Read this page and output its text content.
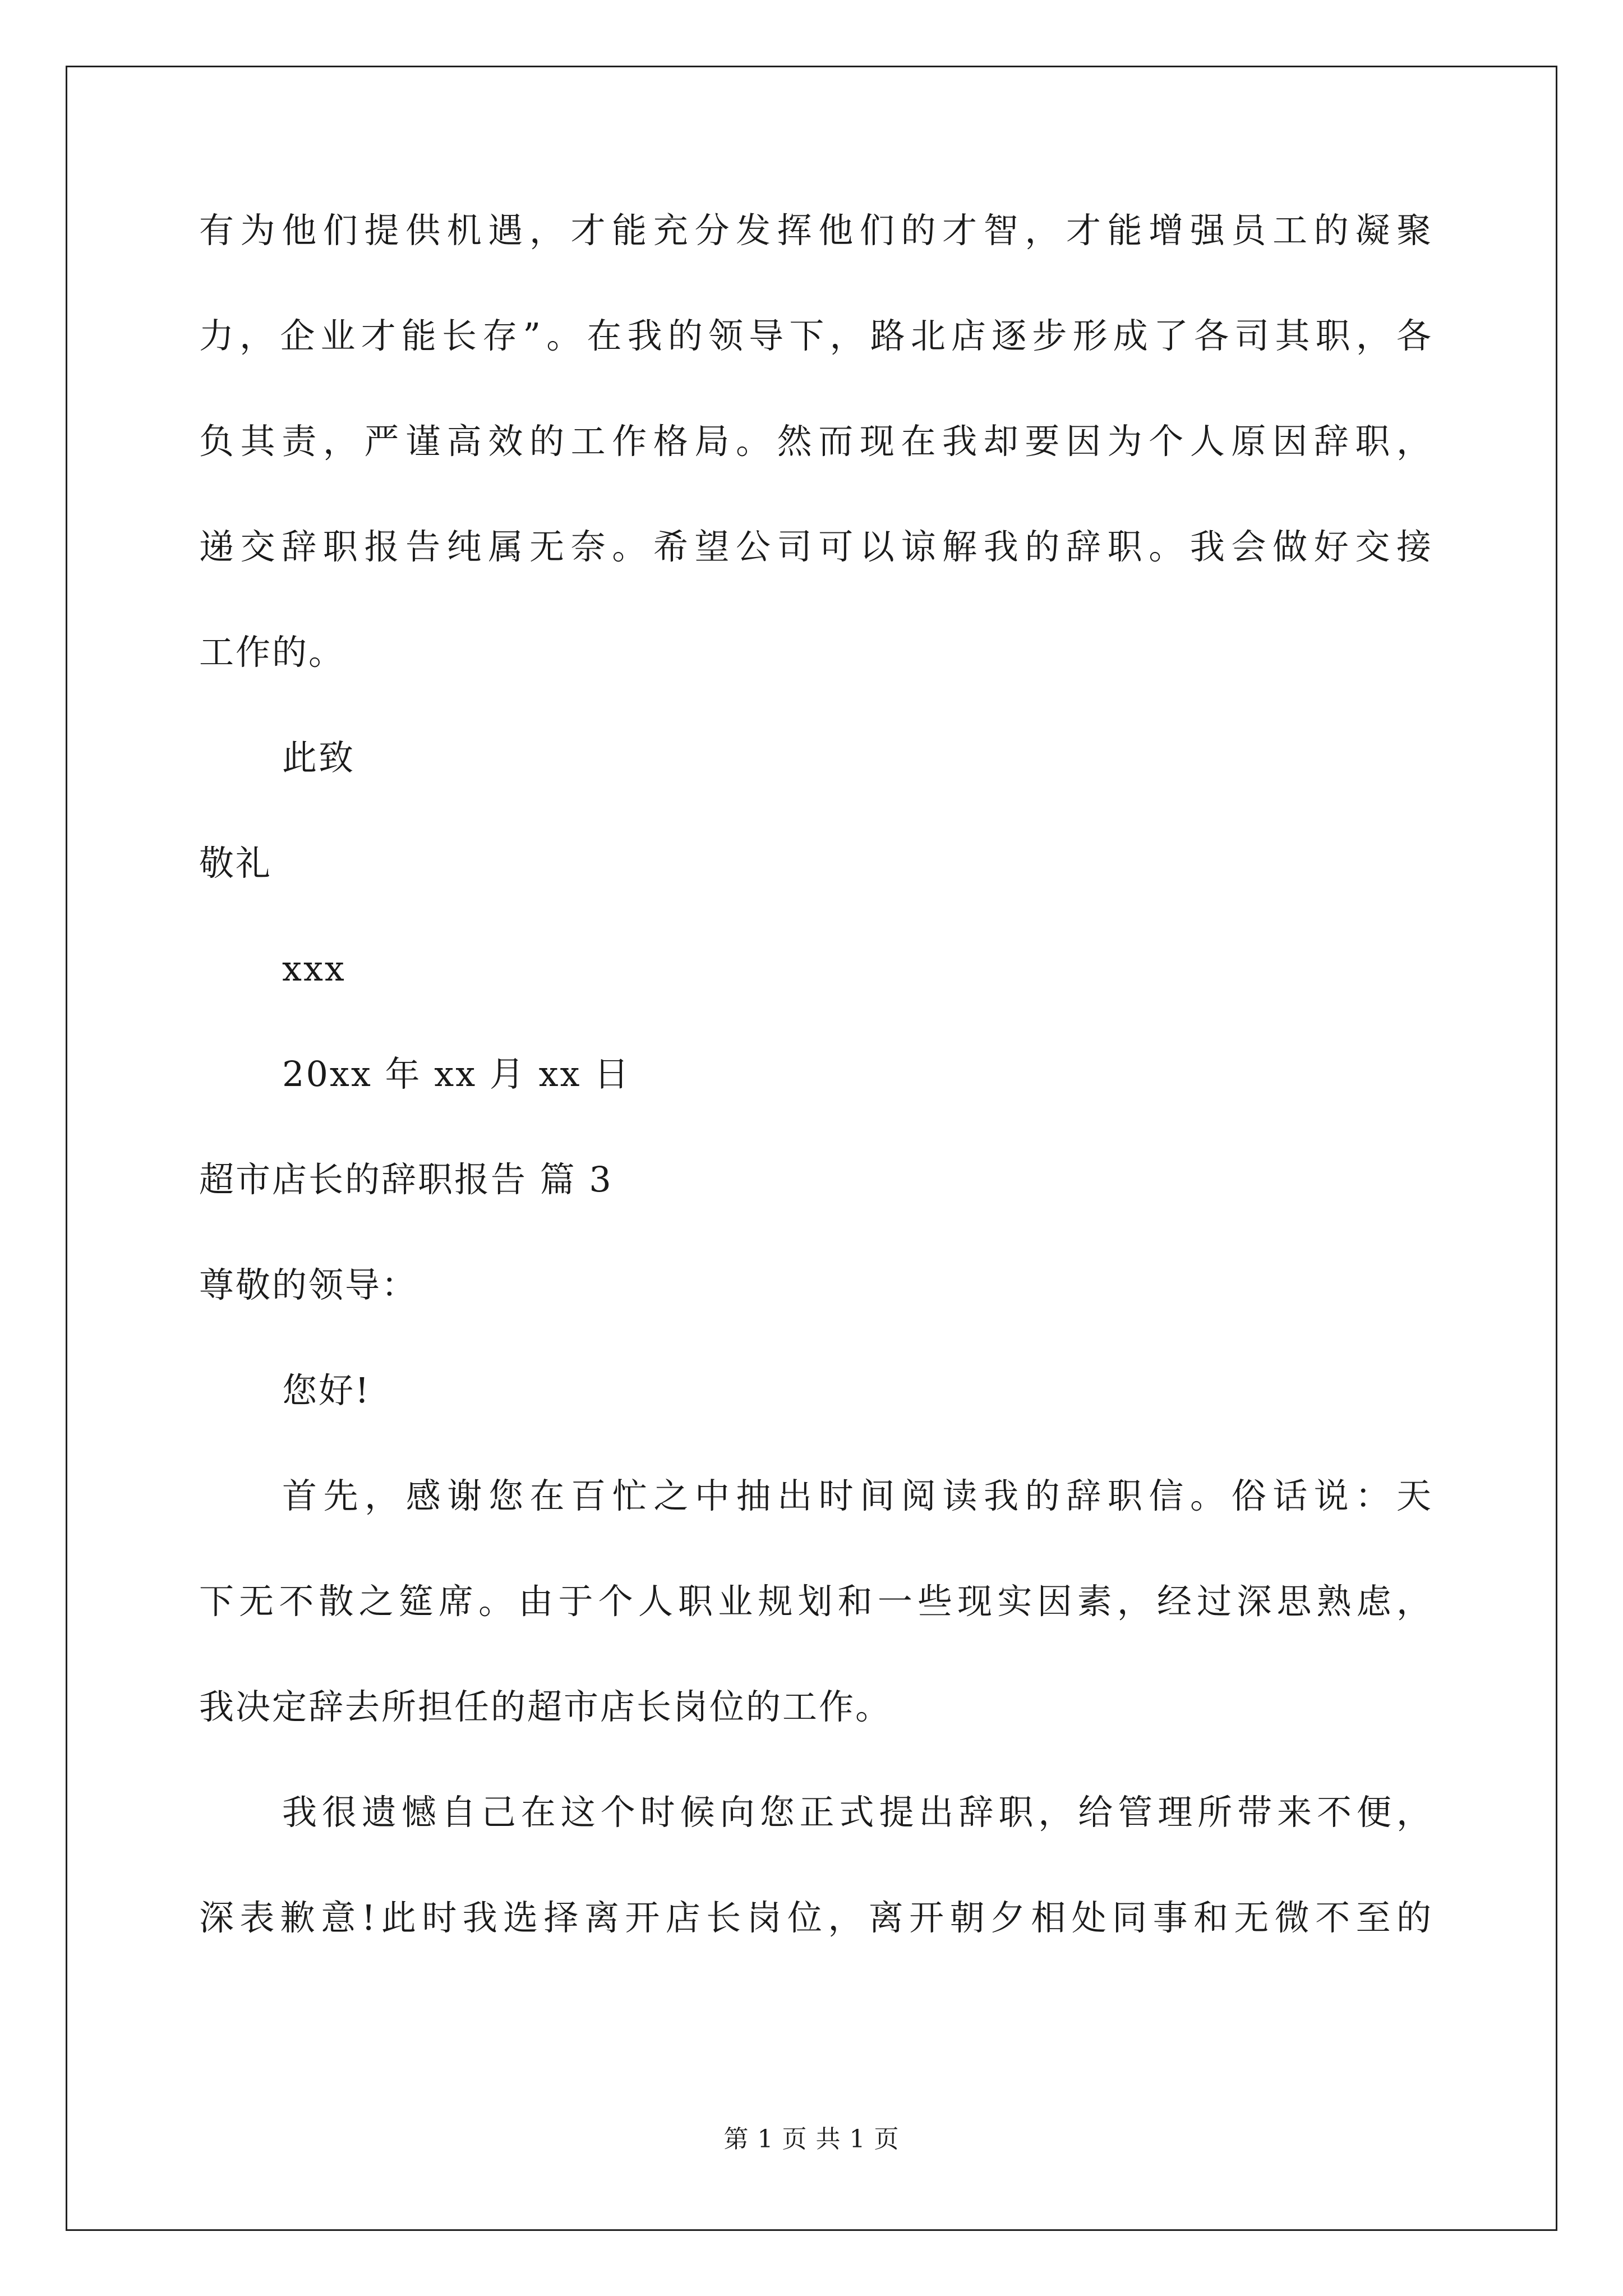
有为他们提供机遇，才能充分发挥他们的才智，才能增强员工的凝聚
力，企业才能长存”。在我的领导下，路北店逐步形成了各司其职，各
负其责，严谨高效的工作格局。然而现在我却要因为个人原因辞职，
递交辞职报告纯属无奈。希望公司可以谅解我的辞职。我会做好交接
工作的。
此致
敬礼
xxx
20xx 年 xx 月 xx 日
超市店长的辞职报告 篇 3
尊敬的领导：
您好!
首先，感谢您在百忙之中抽出时间阅读我的辞职信。俗话说：天
下无不散之筵席。由于个人职业规划和一些现实因素，经过深思熟虑，
我决定辞去所担任的超市店长岗位的工作。
我很遗憾自己在这个时候向您正式提出辞职，给管理所带来不便，
深表歉意!此时我选择离开店长岗位，离开朝夕相处同事和无微不至的
第 1 页 共 1 页
